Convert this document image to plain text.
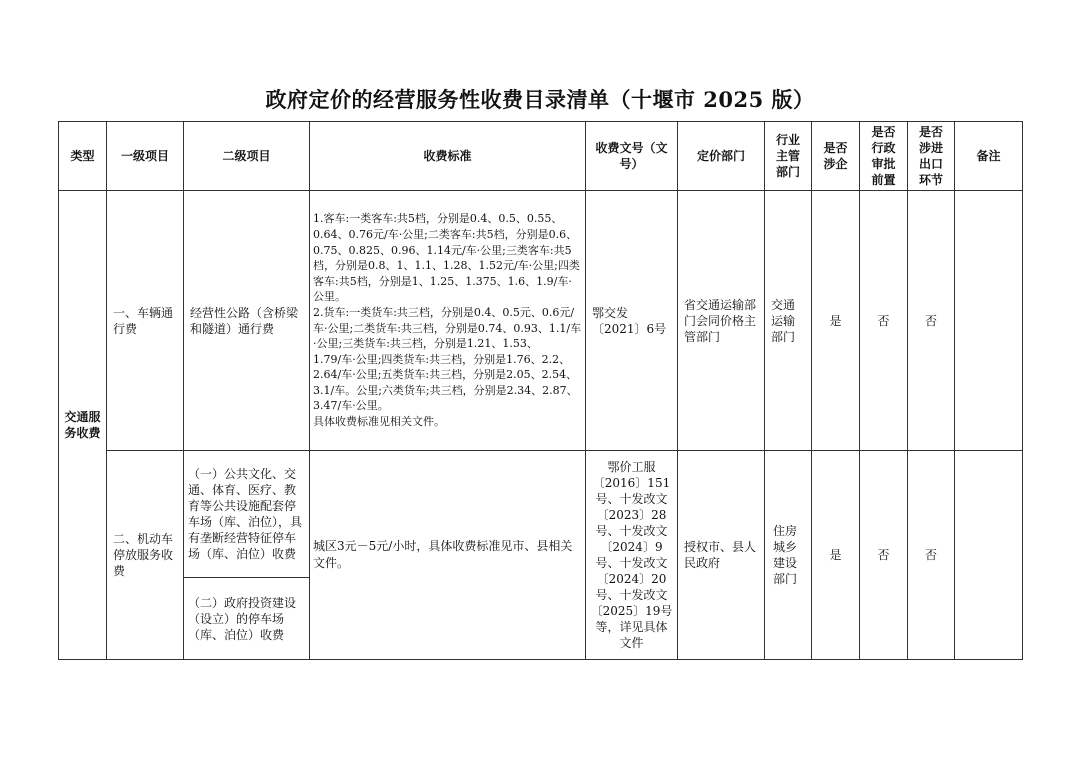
政府定价的经营服务性收费目录清单（十堰市 2025 版）
类型	一级项目	二级项目	收费标准	收费文号（文号）	定价部门	行业主管部门	是否涉企	是否行政审批前置	是否涉进出口环节	备注
交通服务收费	一、车辆通行费	经营性公路（含桥梁和隧道）通行费	1.客车:一类客车:共5档，分别是0.4、0.5、0.55、0.64、0.76元/车·公里;二类客车:共5档，分别是0.6、0.75、0.825、0.96、1.14元/车·公里;三类客车:共5档，分别是0.8、1、1.1、1.28、1.52元/车·公里;四类客车:共5档，分别是1、1.25、1.375、1.6、1.9/车·公里。
2.货车:一类货车:共三档，分别是0.4、0.5元、0.6元/车·公里;二类货车:共三档，分别是0.74、0.93、1.1/车·公里;三类货车:共三档，分别是1.21、1.53、
1.79/车·公里;四类货车:共三档，分别是1.76、2.2、2.64/车·公里;五类货车:共三档，分别是2.05、2.54、3.1/车。公里;六类货车;共三档，分别是2.34、2.87、3.47/车·公里。
具体收费标准见相关文件。	鄂交发〔2021〕6号	省交通运输部门会同价格主管部门	交通运输部门	是	否	否	
	二、机动车停放服务收费	（一）公共文化、交通、体育、医疗、教育等公共设施配套停车场（库、泊位），具有垄断经营特征停车场（库、泊位）收费	城区3元－5元/小时，具体收费标准见市、县相关文件。	鄂价工服〔2016〕151号、十发改文〔2023〕28号、十发改文〔2024〕9号、十发改文〔2024〕20号、十发改文〔2025〕19号等，详见具体文件	授权市、县人民政府	住房城乡建设部门	是	否	否	
		（二）政府投资建设（设立）的停车场（库、泊位）收费								
